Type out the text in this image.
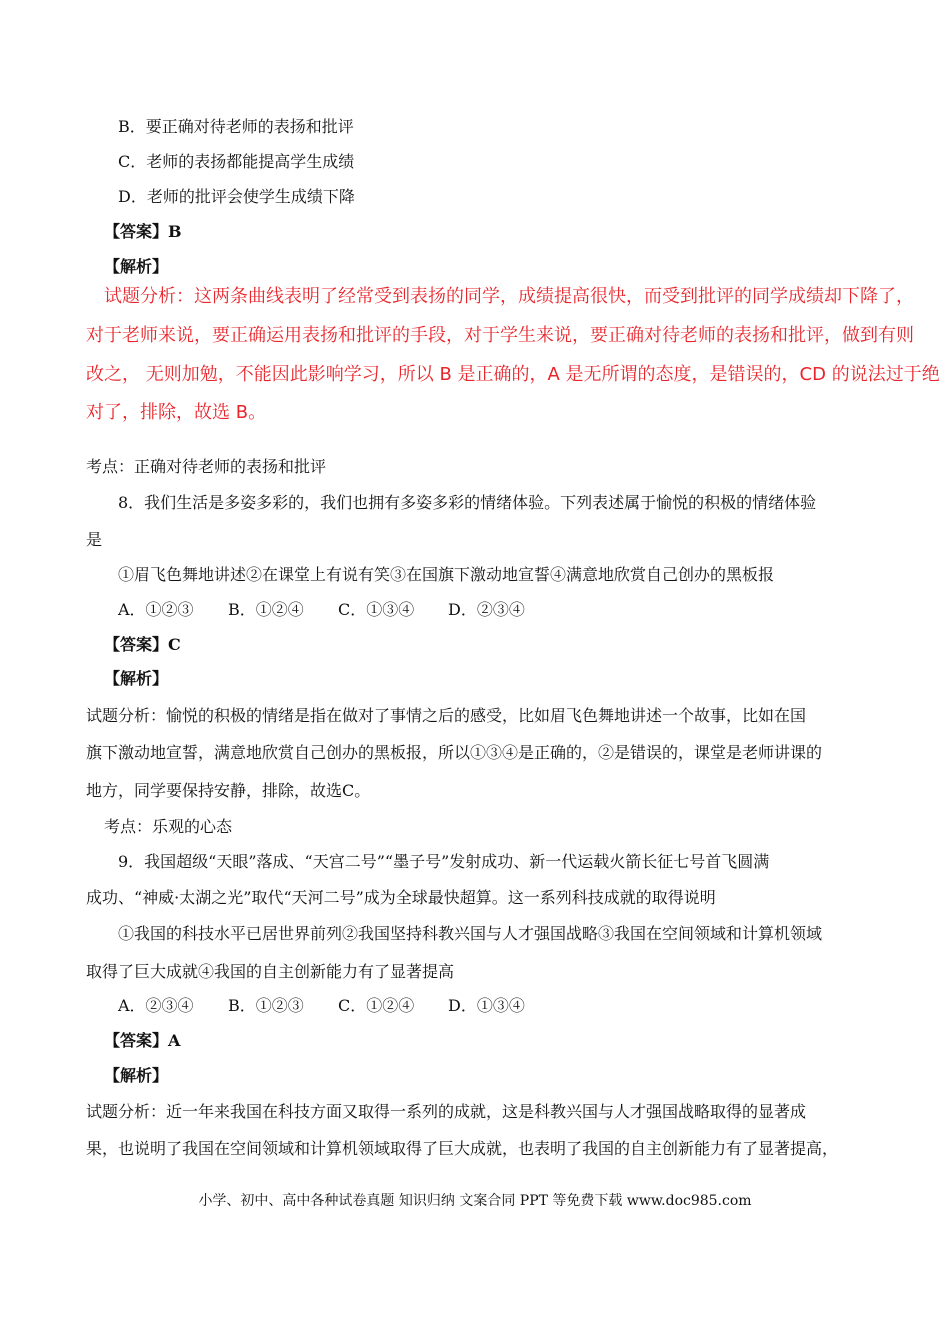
B．要正确对待老师的表扬和批评
C．老师的表扬都能提高学生成绩
D．老师的批评会使学生成绩下降
【答案】B
【解析】
试题分析：这两条曲线表明了经常受到表扬的同学，成绩提高很快，而受到批评的同学成绩却下降了，
对于老师来说，要正确运用表扬和批评的手段，对于学生来说，要正确对待老师的表扬和批评，做到有则
改之， 无则加勉，不能因此影响学习，所以 B 是正确的，A 是无所谓的态度，是错误的，CD 的说法过于绝
对了，排除，故选 B。
考点：正确对待老师的表扬和批评
8．我们生活是多姿多彩的，我们也拥有多姿多彩的情绪体验。下列表述属于愉悦的积极的情绪体验
是
①眉飞色舞地讲述②在课堂上有说有笑③在国旗下激动地宣誓④满意地欣赏自己创办的黑板报
A．①②③ B．①②④ C．①③④ D．②③④
【答案】C
【解析】
试题分析：愉悦的积极的情绪是指在做对了事情之后的感受，比如眉飞色舞地讲述一个故事，比如在国
旗下激动地宣誓，满意地欣赏自己创办的黑板报，所以①③④是正确的，②是错误的，课堂是老师讲课的
地方，同学要保持安静，排除，故选C。
考点：乐观的心态
9．我国超级“天眼”落成、“天宫二号”“墨子号”发射成功、新一代运载火箭长征七号首飞圆满
成功、“神威·太湖之光”取代“天河二号”成为全球最快超算。这一系列科技成就的取得说明
①我国的科技水平已居世界前列②我国坚持科教兴国与人才强国战略③我国在空间领域和计算机领域
取得了巨大成就④我国的自主创新能力有了显著提高
A．②③④ B．①②③ C．①②④ D．①③④
【答案】A
【解析】
试题分析：近一年来我国在科技方面又取得一系列的成就，这是科教兴国与人才强国战略取得的显著成
果，也说明了我国在空间领域和计算机领域取得了巨大成就，也表明了我国的自主创新能力有了显著提高，
小学、初中、高中各种试卷真题 知识归纳 文案合同 PPT 等免费下载 www.doc985.com
